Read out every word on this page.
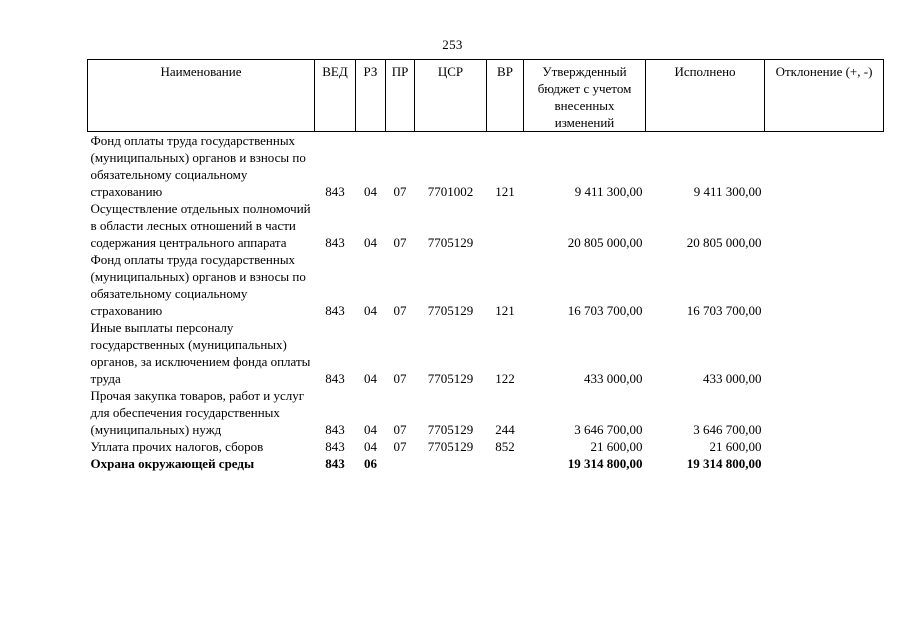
253
Наименование	ВЕД	РЗ	ПР	ЦСР	ВР	Утвержденный бюджет с учетом внесенных изменений	Исполнено	Отклонение (+, -)
Фонд оплаты труда государственных (муниципальных) органов и взносы по обязательному социальному страхованию	843	04	07	7701002	121	9 411 300,00	9 411 300,00	
Осуществление отдельных полномочий в области лесных отношений в части содержания центрального аппарата	843	04	07	7705129		20 805 000,00	20 805 000,00	
Фонд оплаты труда государственных (муниципальных) органов и взносы по обязательному социальному страхованию	843	04	07	7705129	121	16 703 700,00	16 703 700,00	
Иные выплаты персоналу государственных (муниципальных) органов, за исключением фонда оплаты труда	843	04	07	7705129	122	433 000,00	433 000,00	
Прочая закупка товаров, работ и услуг для обеспечения государственных (муниципальных) нужд	843	04	07	7705129	244	3 646 700,00	3 646 700,00	
Уплата прочих налогов, сборов	843	04	07	7705129	852	21 600,00	21 600,00	
Охрана окружающей среды	843	06				19 314 800,00	19 314 800,00	
